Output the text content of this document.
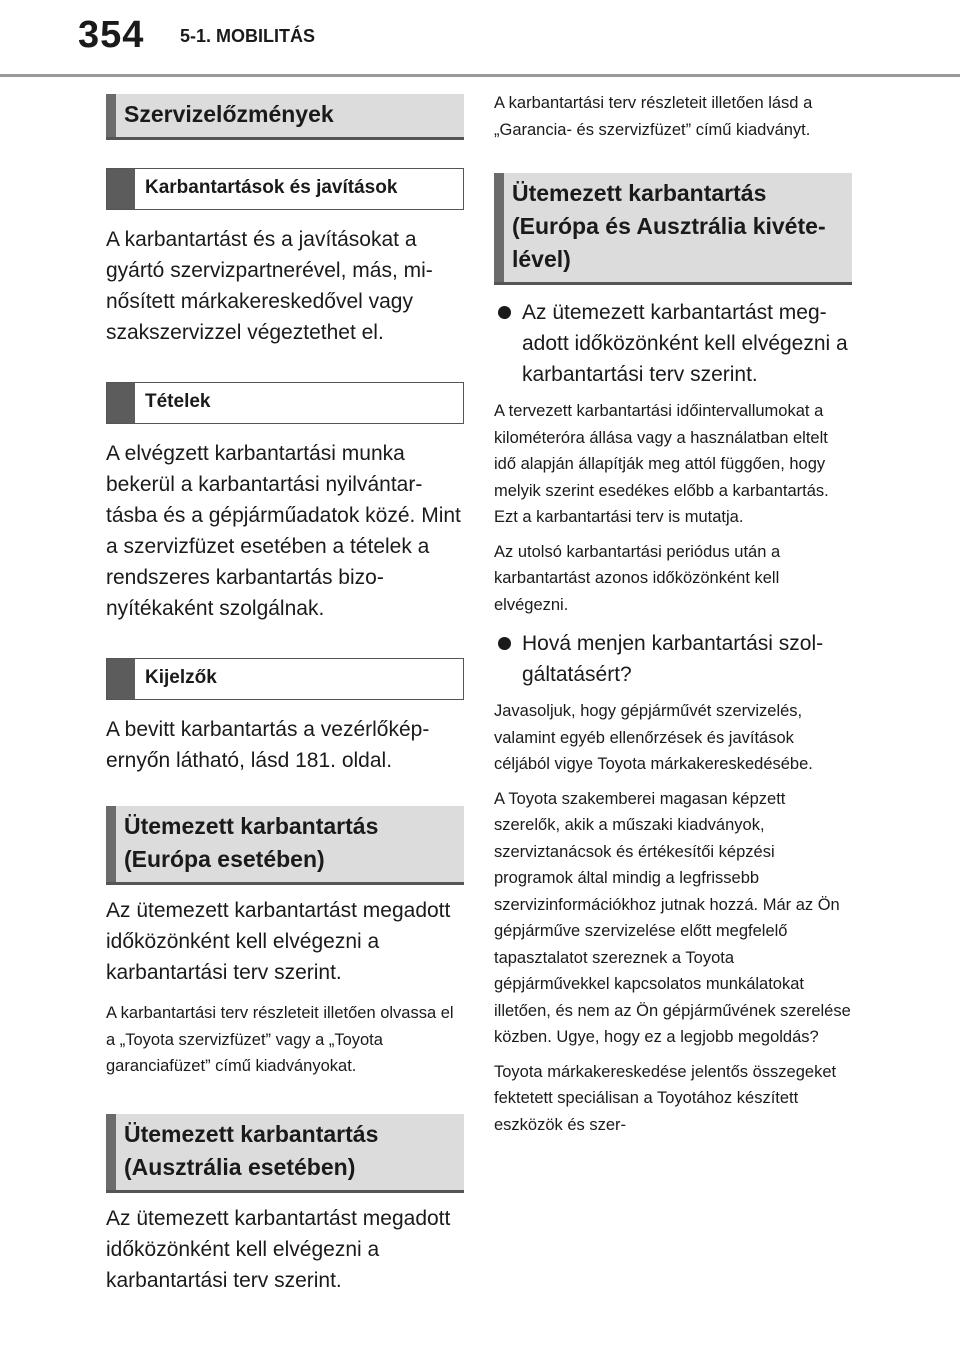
354 5-1. MOBILITÁS
Szervizelőzmények
Karbantartások és javítások

A karbantartást és a javításokat a gyártó szervizpartnerével, más, minősített márkakereskedővel vagy szakszervizzel végeztethet el.

Tételek

A elvégzett karbantartási munka bekerül a karbantartási nyilvántartásba és a gépjárműadatok közé. Mint a szervizfüzet esetében a tételek a rendszeres karbantartás bizonyítékaként szolgálnak.

Kijelzők

A bevitt karbantartás a vezérlőképernyőn látható, lásd 181. oldal.

Ütemezett karbantartás (Európa esetében)

Az ütemezett karbantartást megadott időközönként kell elvégezni a karbantartási terv szerint.

A karbantartási terv részleteit illetően olvassa el a „Toyota szervizfüzet” vagy a „Toyota garanciafüzet” című kiadványokat.

Ütemezett karbantartás (Ausztrália esetében)

Az ütemezett karbantartást megadott időközönként kell elvégezni a karbantartási terv szerint.

A karbantartási terv részleteit illetően lásd a „Garancia- és szervizfüzet” című kiadványt.

Ütemezett karbantartás (Európa és Ausztrália kivételével)

Az ütemezett karbantartást megadott időközönként kell elvégezni a karbantartási terv szerint.

A tervezett karbantartási időintervallumokat a kilométeróra állása vagy a használatban eltelt idő alapján állapítják meg attól függően, hogy melyik szerint esedékes előbb a karbantartás. Ezt a karbantartási terv is mutatja.

Az utolsó karbantartási periódus után a karbantartást azonos időközönként kell elvégezni.

Hová menjen karbantartási szolgáltatásért?

Javasoljuk, hogy gépjárművét szervizelés, valamint egyéb ellenőrzések és javítások céljából vigye Toyota márkakereskedésébe.

A Toyota szakemberei magasan képzett szerelők, akik a műszaki kiadványok, szerviztanácsok és értékesítői képzési programok által mindig a legfrissebb szervizinformációkhoz jutnak hozzá. Már az Ön gépjárműve szervizelése előtt megfelelő tapasztalatot szereznek a Toyota gépjárművekkel kapcsolatos munkálatokat illetően, és nem az Ön gépjárművének szerelése közben. Ugye, hogy ez a legjobb megoldás?

Toyota márkakereskedése jelentős összegeket fektetett speciálisan a Toyotához készített eszközök és szer-
